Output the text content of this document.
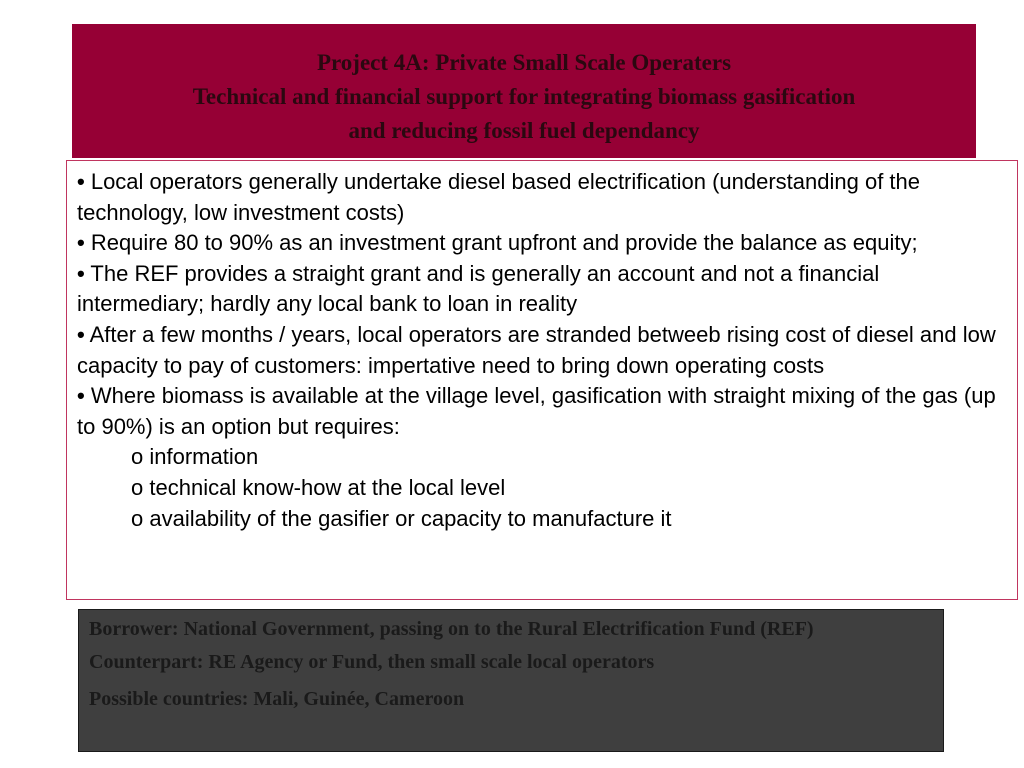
Project 4A: Private Small Scale Operaters
Technical and financial support for integrating biomass gasification
and reducing fossil fuel dependancy

• Local operators generally undertake diesel based electrification (understanding of the technology, low investment costs)

• Require 80 to 90% as an investment grant upfront and provide the balance as equity;

• The REF provides a straight grant and is generally an account and not a financial intermediary; hardly any local bank to loan in reality

• After a few months / years, local operators are stranded betweeb rising cost of diesel and low capacity to pay of customers: impertative need to bring down operating costs

• Where biomass is available at the village level, gasification with straight mixing of the gas (up to 90%) is an option but requires:

o information

o technical know-how at the local level

o availability of the gasifier or capacity to manufacture it

Borrower: National Government, passing on to the Rural Electrification Fund (REF)

Counterpart: RE Agency or Fund, then small scale local operators

Possible countries: Mali, Guinée, Cameroon
